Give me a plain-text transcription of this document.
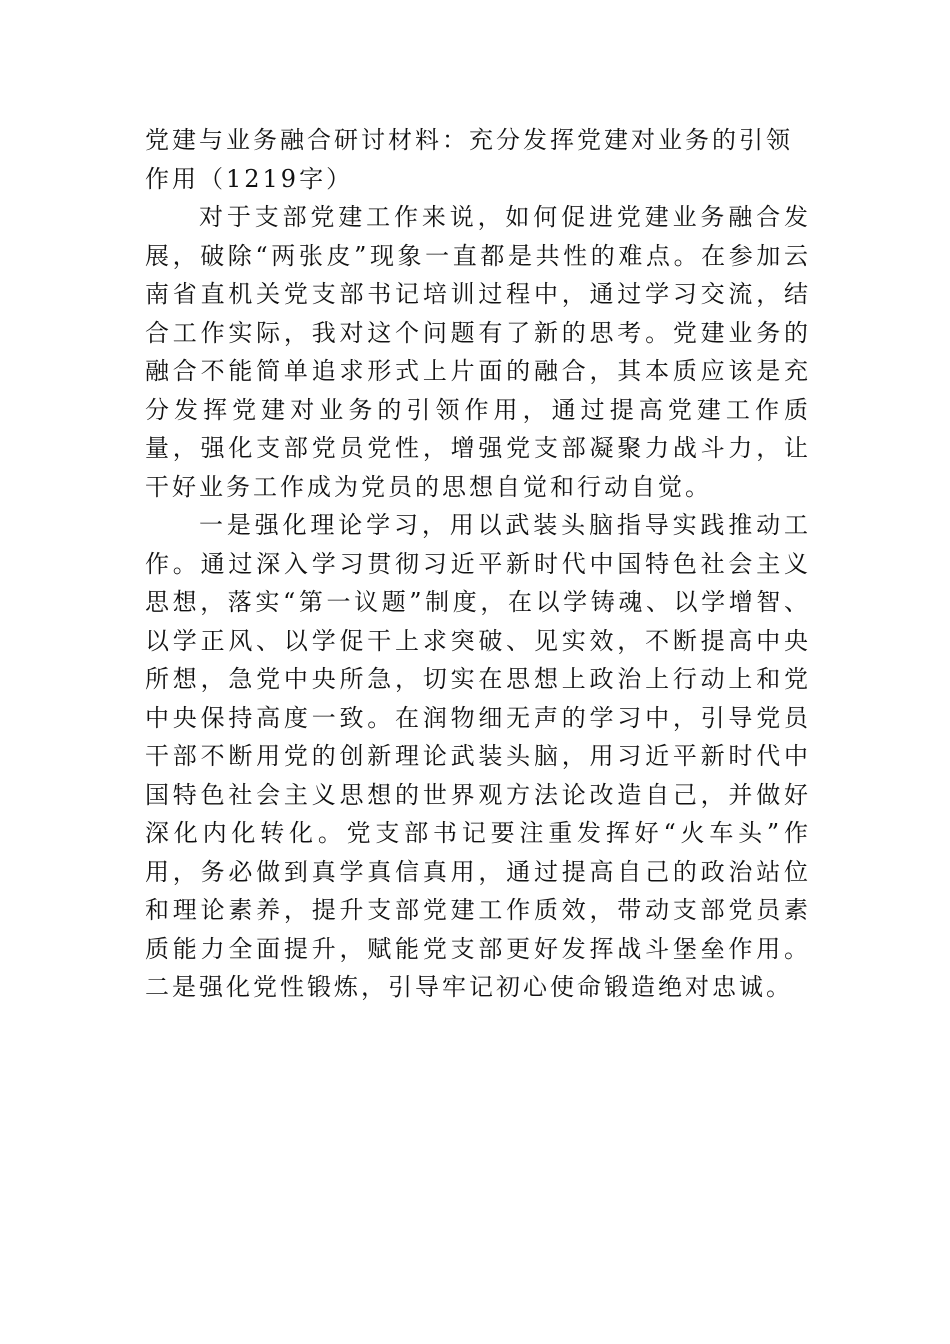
党建与业务融合研讨材料：充分发挥党建对业务的引领作用（1219字）

对于支部党建工作来说，如何促进党建业务融合发展，破除“两张皮”现象一直都是共性的难点。在参加云南省直机关党支部书记培训过程中，通过学习交流，结合工作实际，我对这个问题有了新的思考。党建业务的融合不能简单追求形式上片面的融合，其本质应该是充分发挥党建对业务的引领作用，通过提高党建工作质量，强化支部党员党性，增强党支部凝聚力战斗力，让干好业务工作成为党员的思想自觉和行动自觉。

一是强化理论学习，用以武装头脑指导实践推动工作。通过深入学习贯彻习近平新时代中国特色社会主义思想，落实“第一议题”制度，在以学铸魂、以学增智、以学正风、以学促干上求突破、见实效，不断提高中央所想，急党中央所急，切实在思想上政治上行动上和党中央保持高度一致。在润物细无声的学习中，引导党员干部不断用党的创新理论武装头脑，用习近平新时代中国特色社会主义思想的世界观方法论改造自己，并做好深化内化转化。党支部书记要注重发挥好“火车头”作用，务必做到真学真信真用，通过提高自己的政治站位和理论素养，提升支部党建工作质效，带动支部党员素质能力全面提升，赋能党支部更好发挥战斗堡垒作用。二是强化党性锻炼，引导牢记初心使命锻造绝对忠诚。
